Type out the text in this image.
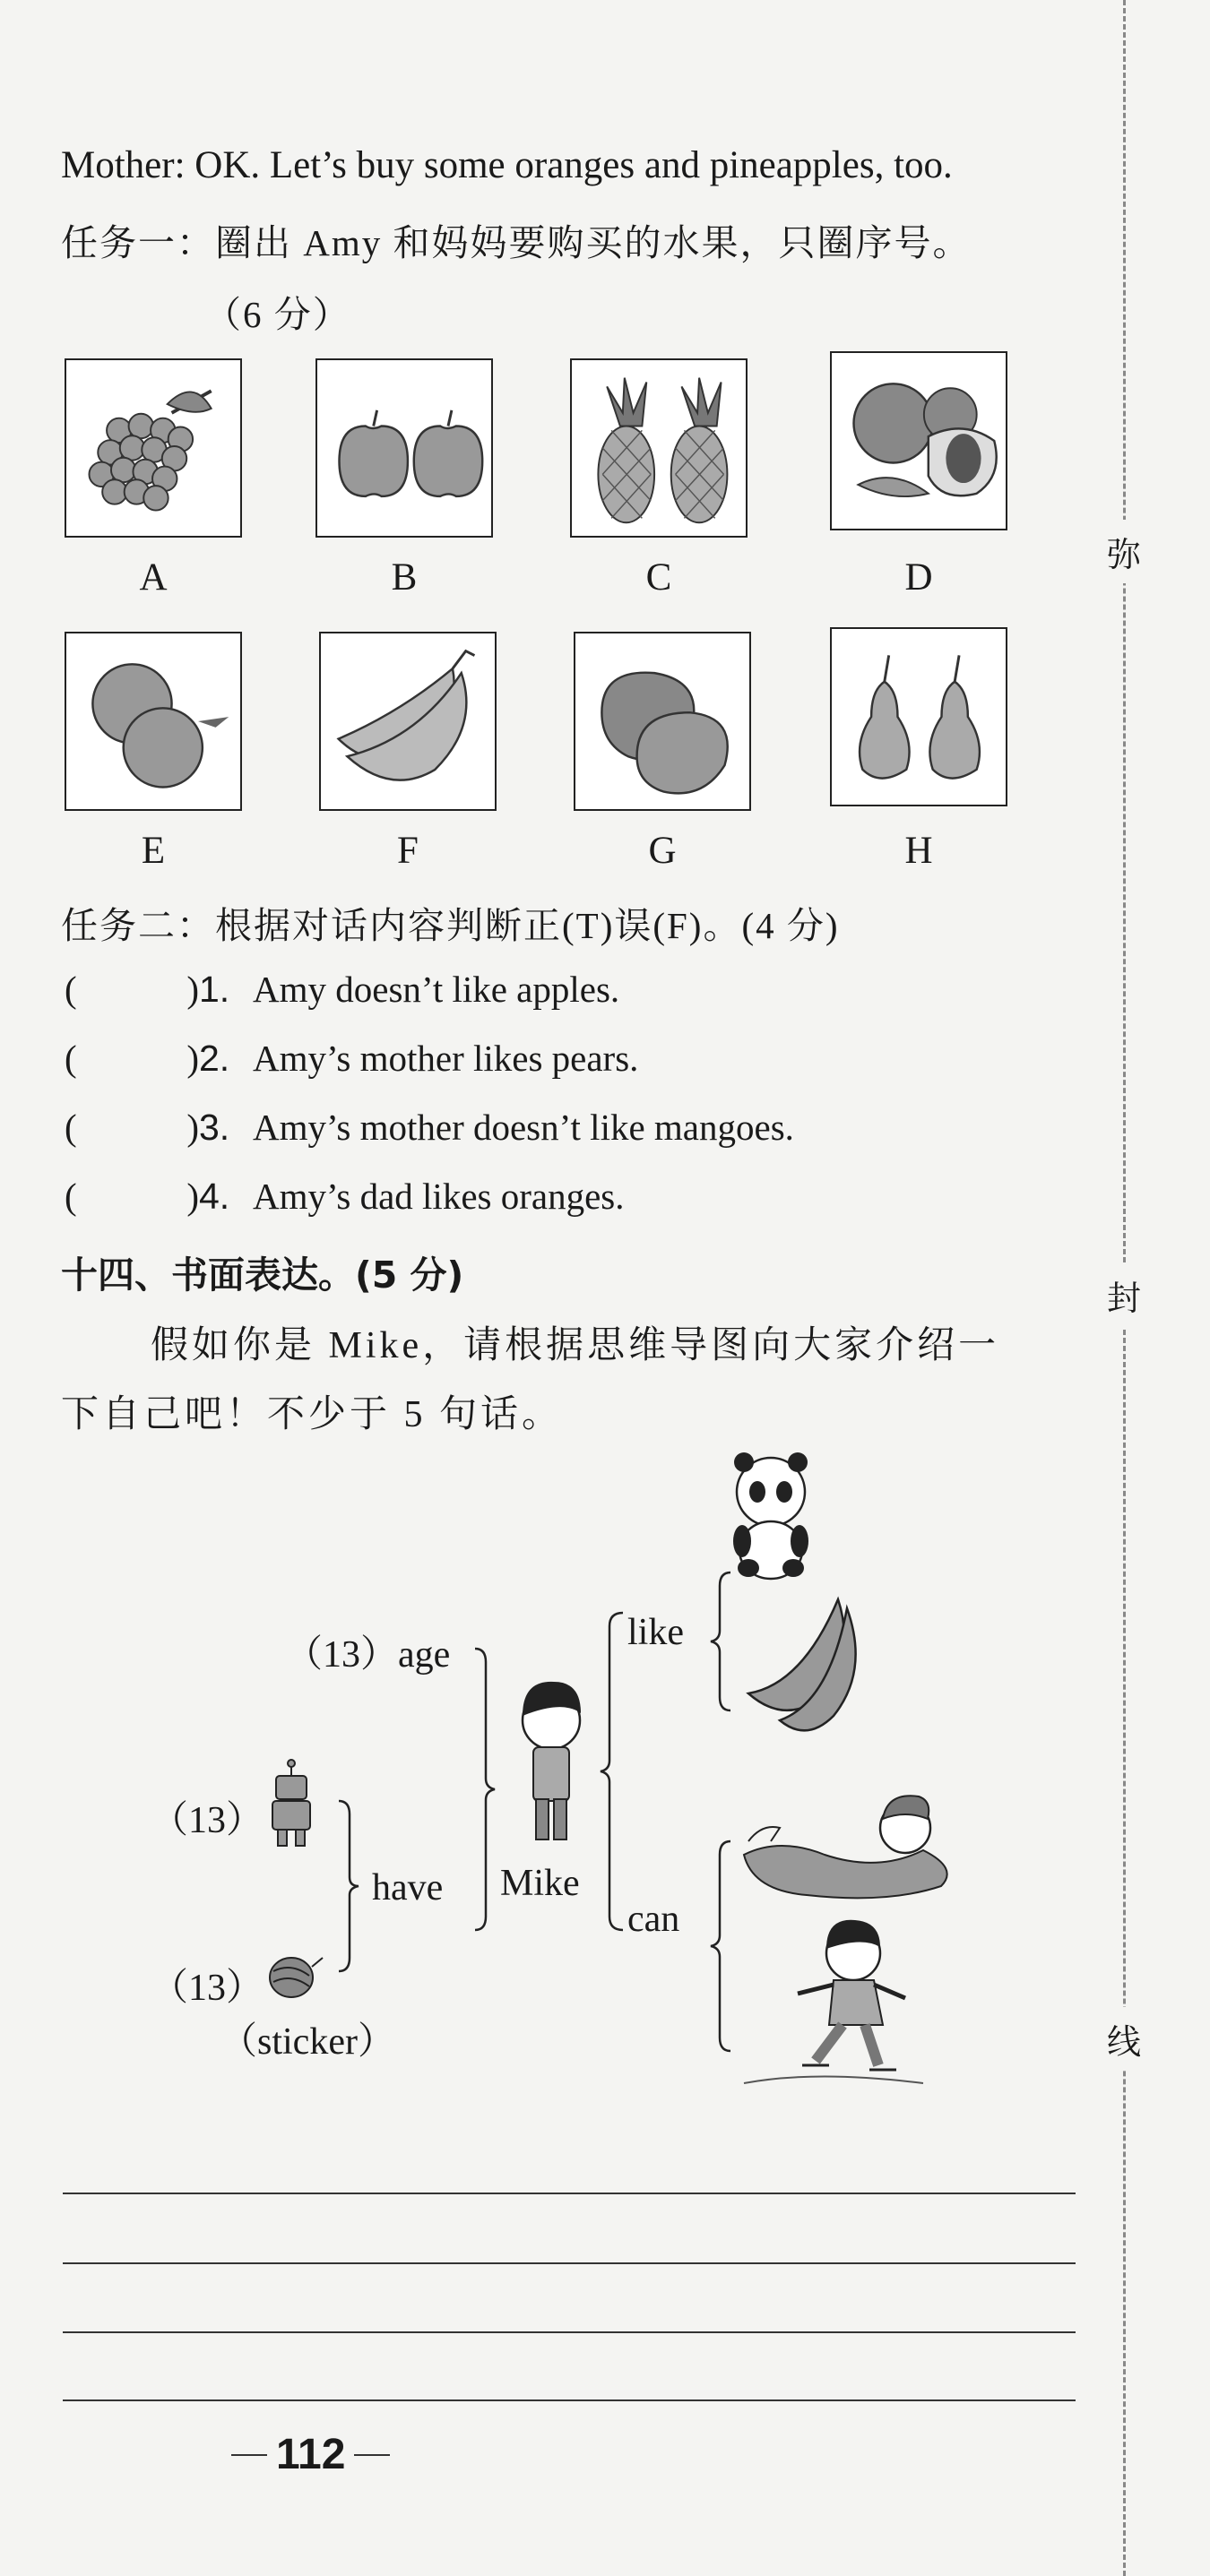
弥
封
线
Mother: OK. Let’s buy some oranges and pineapples, too.
任务一：圈出 Amy 和妈妈要购买的水果，只圈序号。
（6 分）
A	B	C	D
E	F	G	H
任务二：根据对话内容判断正(T)误(F)。(4 分)
(	) 1. Amy doesn’t like apples.
(	) 2. Amy’s mother likes pears.
(	) 3. Amy’s mother doesn’t like mangoes.
(	) 4. Amy’s dad likes oranges.
十四、书面表达。(5 分)
假如你是 Mike，请根据思维导图向大家介绍一
下自己吧！不少于 5 句话。
（13）age
（13）
（13）
（sticker）
have Mike
like
can
112
